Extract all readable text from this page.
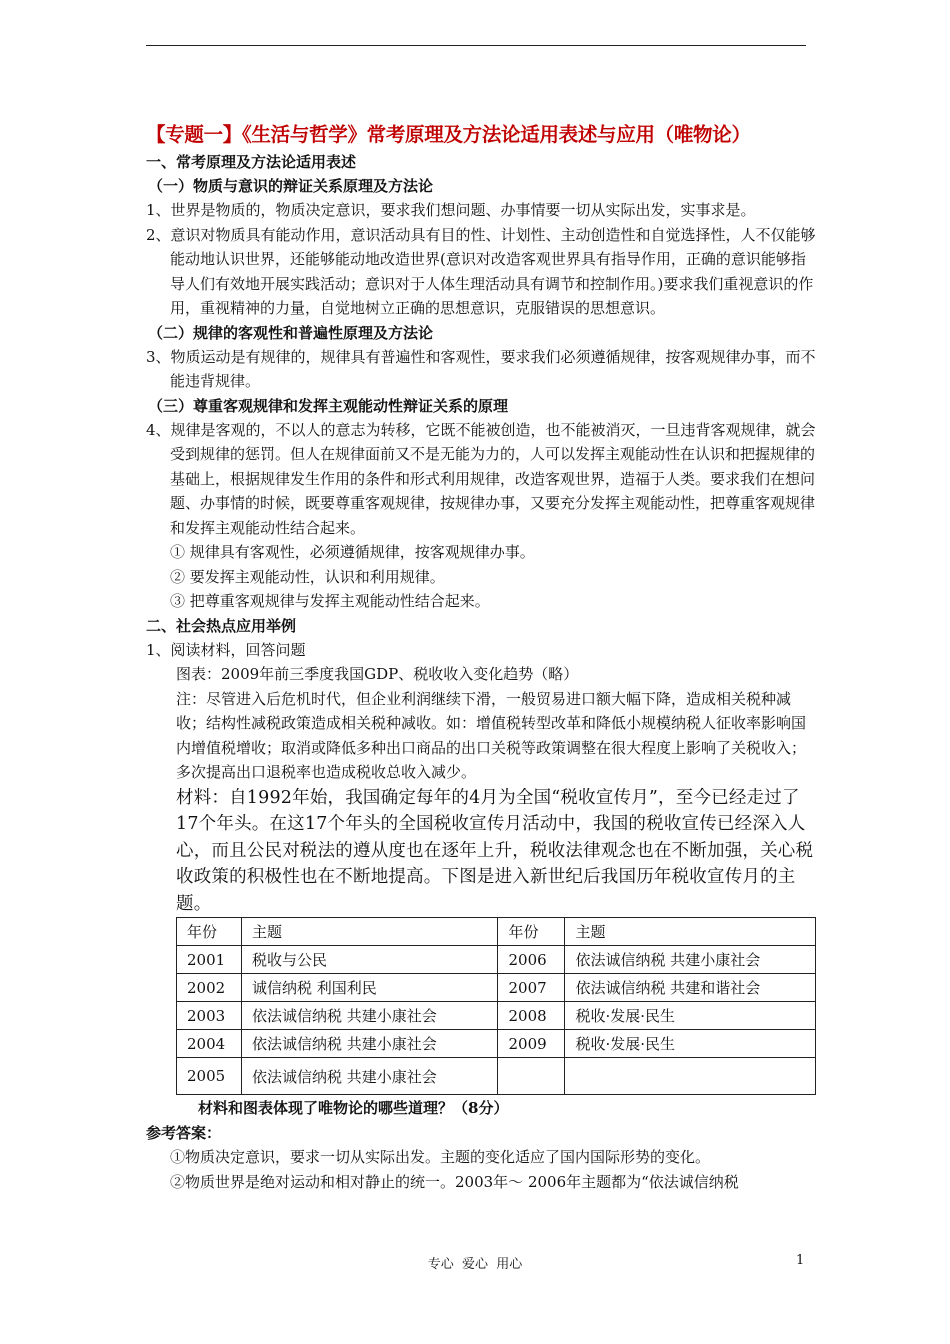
【专题一】《生活与哲学》常考原理及方法论适用表述与应用（唯物论）
一、常考原理及方法论适用表述
（一）物质与意识的辩证关系原理及方法论
1、世界是物质的，物质决定意识，要求我们想问题、办事情要一切从实际出发，实事求是。
2、意识对物质具有能动作用，意识活动具有目的性、计划性、主动创造性和自觉选择性，人不仅能够能动地认识世界，还能够能动地改造世界(意识对改造客观世界具有指导作用，正确的意识能够指导人们有效地开展实践活动；意识对于人体生理活动具有调节和控制作用。)要求我们重视意识的作用，重视精神的力量，自觉地树立正确的思想意识，克服错误的思想意识。
（二）规律的客观性和普遍性原理及方法论
3、物质运动是有规律的，规律具有普遍性和客观性，要求我们必须遵循规律，按客观规律办事，而不能违背规律。
（三）尊重客观规律和发挥主观能动性辩证关系的原理
4、规律是客观的，不以人的意志为转移，它既不能被创造，也不能被消灭，一旦违背客观规律，就会受到规律的惩罚。但人在规律面前又不是无能为力的，人可以发挥主观能动性在认识和把握规律的基础上，根据规律发生作用的条件和形式利用规律，改造客观世界，造福于人类。要求我们在想问题、办事情的时候，既要尊重客观规律，按规律办事，又要充分发挥主观能动性，把尊重客观规律和发挥主观能动性结合起来。
① 规律具有客观性，必须遵循规律，按客观规律办事。
② 要发挥主观能动性，认识和利用规律。
③ 把尊重客观规律与发挥主观能动性结合起来。
二、社会热点应用举例
1、阅读材料，回答问题
图表：2009年前三季度我国GDP、税收收入变化趋势（略）
注：尽管进入后危机时代，但企业利润继续下滑，一般贸易进口额大幅下降，造成相关税种减收；结构性减税政策造成相关税种减收。如：增值税转型改革和降低小规模纳税人征收率影响国内增值税增收；取消或降低多种出口商品的出口关税等政策调整在很大程度上影响了关税收入；多次提高出口退税率也造成税收总收入减少。
材料：自1992年始，我国确定每年的4月为全国“税收宣传月”，至今已经走过了17个年头。在这17个年头的全国税收宣传月活动中，我国的税收宣传已经深入人心，而且公民对税法的遵从度也在逐年上升，税收法律观念也在不断加强，关心税收政策的积极性也在不断地提高。下图是进入新世纪后我国历年税收宣传月的主题。
年份	主题	年份	主题
2001	税收与公民	2006	依法诚信纳税 共建小康社会
2002	诚信纳税 利国利民	2007	依法诚信纳税 共建和谐社会
2003	依法诚信纳税 共建小康社会	2008	税收·发展·民生
2004	依法诚信纳税 共建小康社会	2009	税收·发展·民生
2005	依法诚信纳税 共建小康社会		
材料和图表体现了唯物论的哪些道理？（8分）
参考答案：
①物质决定意识，要求一切从实际出发。主题的变化适应了国内国际形势的变化。
②物质世界是绝对运动和相对静止的统一。2003年～ 2006年主题都为“依法诚信纳税
专心  爱心  用心	1
